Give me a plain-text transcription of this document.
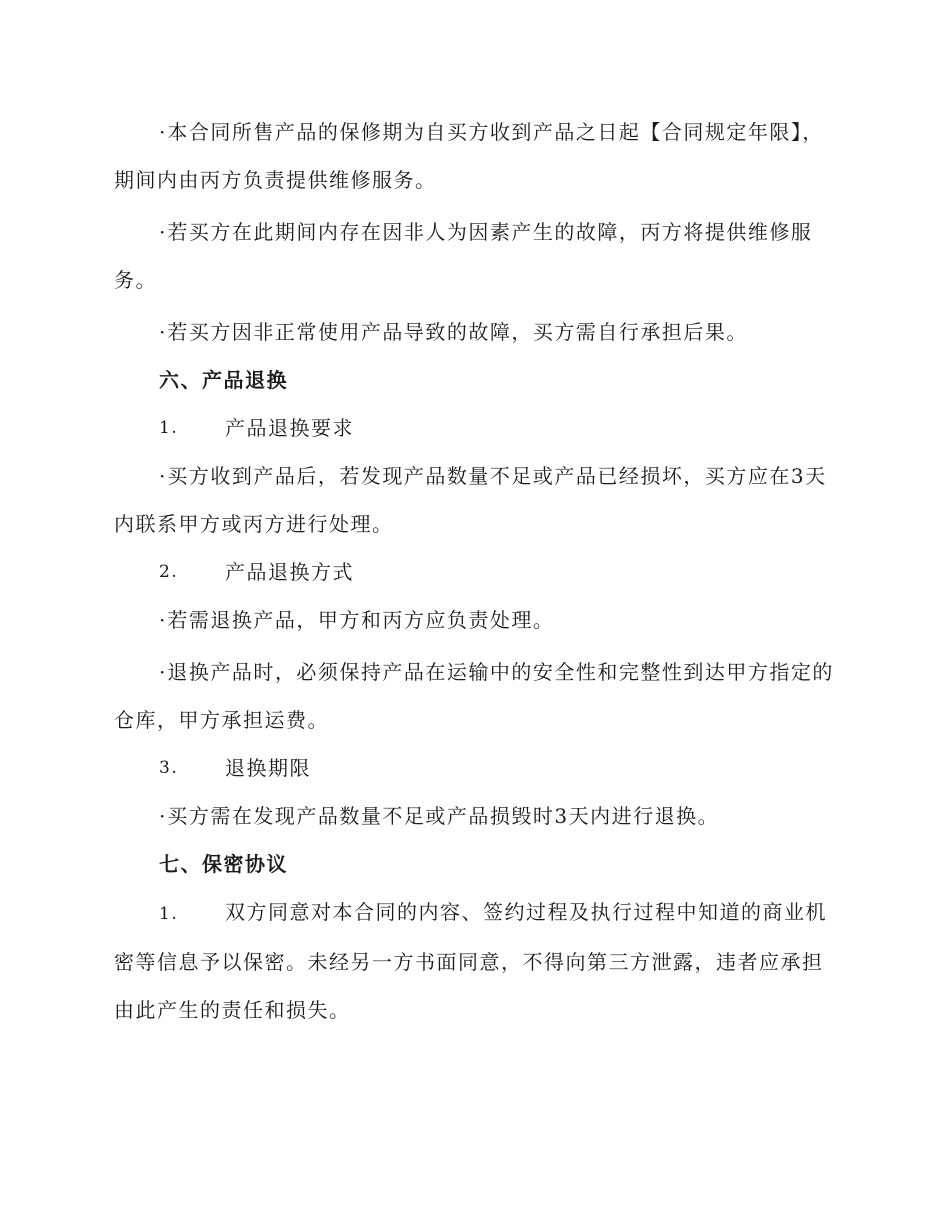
· 本合同所售产品的保修期为自买方收到产品之日起【合同规定年限】，期间内由丙方负责提供维修服务。

· 若买方在此期间内存在因非人为因素产生的故障，丙方将提供维修服务。

· 若买方因非正常使用产品导致的故障，买方需自行承担后果。

六、产品退换

1.	产品退换要求

· 买方收到产品后，若发现产品数量不足或产品已经损坏，买方应在3天内联系甲方或丙方进行处理。

2.	产品退换方式

· 若需退换产品，甲方和丙方应负责处理。

· 退换产品时，必须保持产品在运输中的安全性和完整性到达甲方指定的仓库，甲方承担运费。

3.	退换期限

· 买方需在发现产品数量不足或产品损毁时3天内进行退换。

七、保密协议

1. 双方同意对本合同的内容、签约过程及执行过程中知道的商业机密等信息予以保密。未经另一方书面同意，不得向第三方泄露，违者应承担由此产生的责任和损失。
